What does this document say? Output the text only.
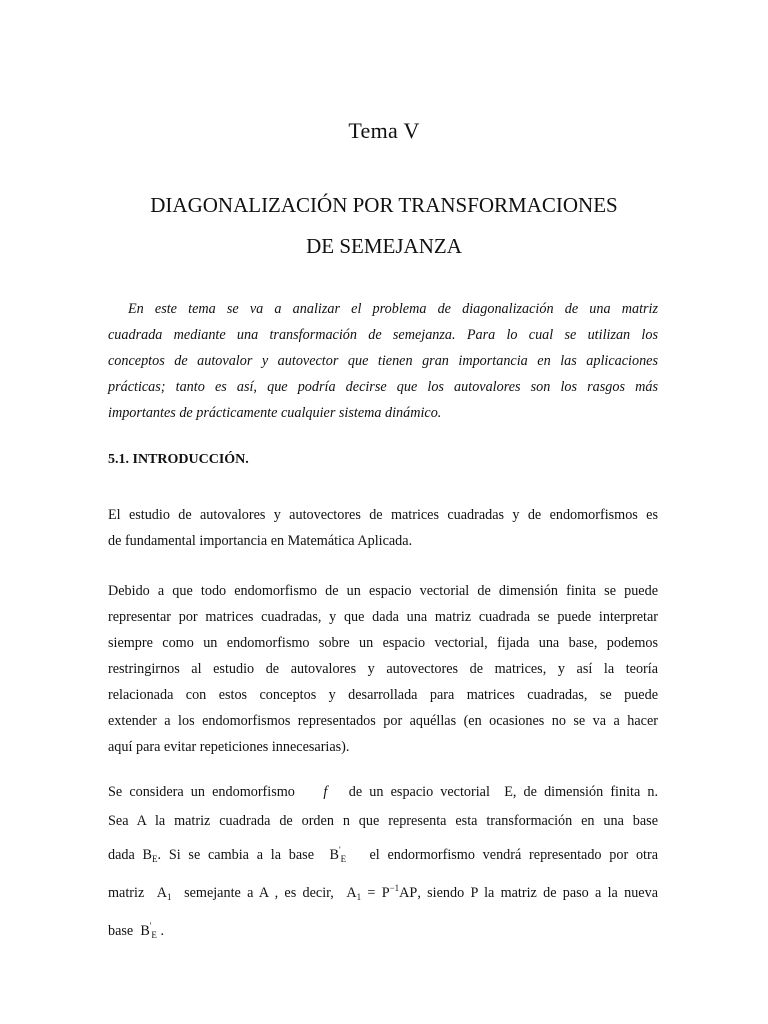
Tema V
DIAGONALIZACIÓN POR TRANSFORMACIONES
DE SEMEJANZA
En este tema se va a analizar el problema de diagonalización de una matriz
cuadrada mediante una transformación de semejanza. Para lo cual se utilizan los
conceptos de autovalor y autovector que tienen gran importancia en las aplicaciones
prácticas; tanto es así, que podría decirse que los autovalores son los rasgos más
importantes de prácticamente cualquier sistema dinámico.
5.1. INTRODUCCIÓN.
El estudio de autovalores y autovectores de matrices cuadradas y de endomorfismos es
de fundamental importancia en Matemática Aplicada.
Debido a que todo endomorfismo de un espacio vectorial de dimensión finita se puede
representar por matrices cuadradas, y que dada una matriz cuadrada se puede interpretar
siempre como un endomorfismo sobre un espacio vectorial, fijada una base, podemos
restringirnos al estudio de autovalores y autovectores de matrices, y así la teoría
relacionada con estos conceptos y desarrollada para matrices cuadradas, se puede
extender a los endomorfismos representados por aquéllas (en ocasiones no se va a hacer
aquí para evitar repeticiones innecesarias).
Se considera un endomorfismo f de un espacio vectorial E, de dimensión finita n.
Sea A la matriz cuadrada de orden n que representa esta transformación en una base
dada $B_E$. Si se cambia a la base $B'_E$ el endormorfismo vendrá representado por otra
matriz $A_1$ semejante a A , es decir, $A_1 = P^{-1}AP$, siendo P la matriz de paso a la nueva
base $B'_E$ .
